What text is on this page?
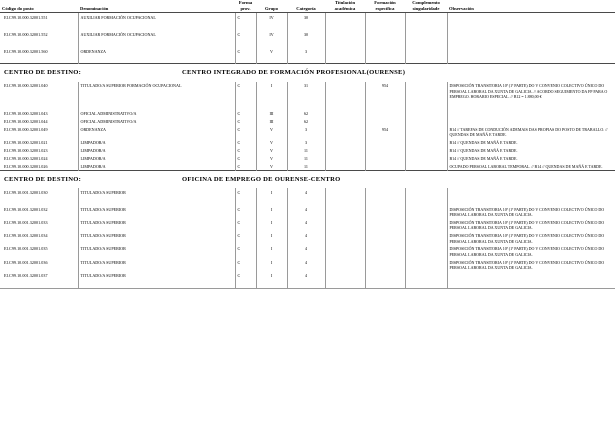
Código do posto	Denominación	Forma prov.	Grupo	Categoría	Titulación académica	Formación específica	Complemento singularidade	Observación
EI.C99.10.000.32001.551	AUXILIAR FORMACIÓN OCUPACIONAL	C	IV	30				

EI.C99.10.000.32001.552	AUXILIAR FORMACIÓN OCUPACIONAL	C	IV	30				

EI.C99.10.000.32001.560	ORDENANZA	C	V	3				

CENTRO DE DESTINO: CENTRO INTEGRADO DE FORMACIÓN PROFESIONAL(OURENSE)								

EI.C99.10.000.32001.040	TITULADO/A SUPERIOR FORMACIÓN OCUPACIONAL	C	I	31		954		DISPOSICIÓN TRANSITORIA 10ª (1ª PARTE) DO V CONVENIO COLECTIVO ÚNICO DO PERSOAL LABORAL DA XUNTA DE GALICIA. // ACORDO SEGUIMENTO DA FP PARA O EMPREGO. HORARIO ESPECIAL. // B12 = 1.880,00 €

EI.C99.10.000.32001.043	OFICIAL ADMINISTRATIVO/A	C	III	62				
EI.C99.10.000.32001.044	OFICIAL ADMINISTRATIVO/A	C	III	62				
EI.C99.10.000.32001.049	ORDENANZA	C	V	3		954		B14 // TAREFAS DE CONDUCIÓN ADEMAIS DAS PROPIAS DO POSTO DE TRABALLO. // QUENDAS DE MAÑÁ E TARDE.
EI.C99.10.000.32001.021	LIMPADOR/A	C	V	3				B14 // QUENDAS DE MAÑÁ E TARDE.
EI.C99.10.000.32001.023	LIMPADOR/A	C	V	11				B14 // QUENDAS DE MAÑÁ E TARDE.
EI.C99.10.000.32001.024	LIMPADOR/A	C	V	11				B14 // QUENDAS DE MAÑÁ E TARDE.
EI.C99.10.000.32001.026	LIMPADOR/A	C	V	11				OCUPADO PERSOAL LABORAL TEMPORAL. // B14 // QUENDAS DE MAÑÁ E TARDE.

CENTRO DE DESTINO: OFICINA DE EMPREGO DE OURENSE-CENTRO								

EI.C99.10.001.32001.030	TITULADO/A SUPERIOR	C	I	4				

EI.C99.10.001.32001.032	TITULADO/A SUPERIOR	C	I	4				DISPOSICIÓN TRANSITORIA 10ª (1ª PARTE) DO V CONVENIO COLECTIVO ÚNICO DO PERSOAL LABORAL DA XUNTA DE GALICIA.
EI.C99.10.001.32001.033	TITULADO/A SUPERIOR	C	I	4				DISPOSICIÓN TRANSITORIA 10ª (1ª PARTE) DO V CONVENIO COLECTIVO ÚNICO DO PERSOAL LABORAL DA XUNTA DE GALICIA.
EI.C99.10.001.32001.034	TITULADO/A SUPERIOR	C	I	4				DISPOSICIÓN TRANSITORIA 10ª (1ª PARTE) DO V CONVENIO COLECTIVO ÚNICO DO PERSOAL LABORAL DA XUNTA DE GALICIA.
EI.C99.10.001.32001.035	TITULADO/A SUPERIOR	C	I	4				DISPOSICIÓN TRANSITORIA 10ª (1ª PARTE) DO V CONVENIO COLECTIVO ÚNICO DO PERSOAL LABORAL DA XUNTA DE GALICIA.
EI.C99.10.001.32001.036	TITULADO/A SUPERIOR	C	I	4				DISPOSICIÓN TRANSITORIA 10ª (1ª PARTE) DO V CONVENIO COLECTIVO ÚNICO DO PERSOAL LABORAL DA XUNTA DE GALICIA.
EI.C99.10.001.32001.037	TITULADO/A SUPERIOR	C	I	4				
